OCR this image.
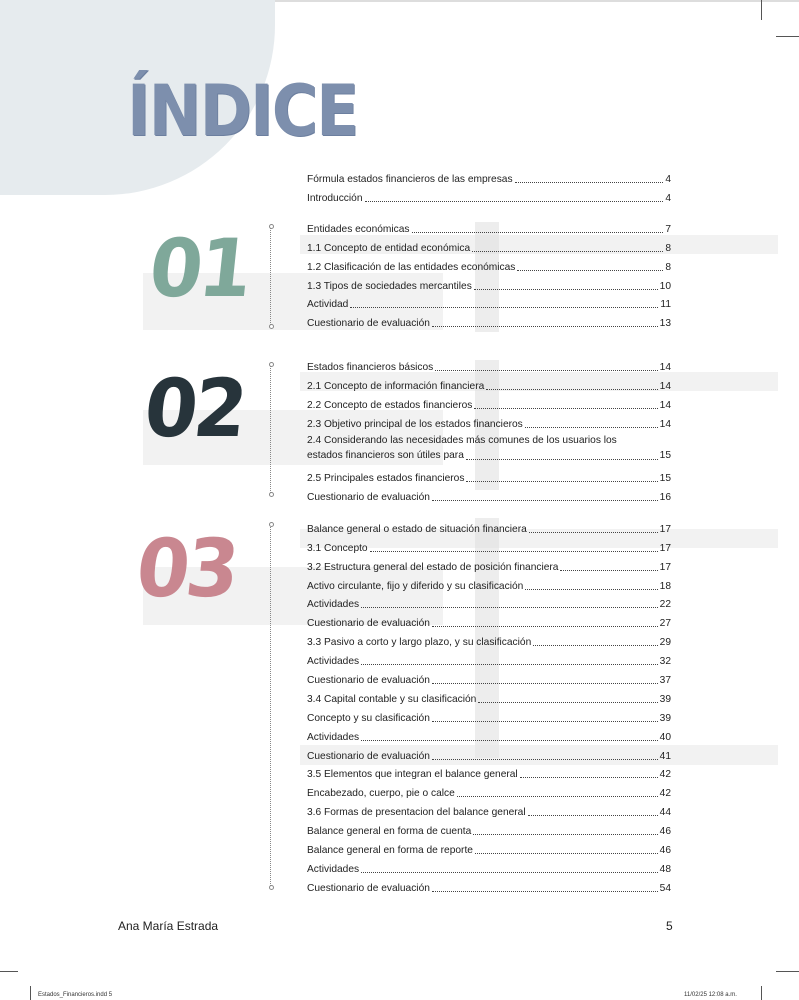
ÍNDICE
01
02
03
Fórmula estados financieros de las empresas	4
Introducción	4
Entidades económicas	7
1.1 Concepto de entidad económica	8
1.2 Clasificación de las entidades económicas	8
1.3 Tipos de sociedades mercantiles	10
Actividad	11
Cuestionario de evaluación	13
Estados financieros básicos	14
2.1 Concepto de información financiera	14
2.2 Concepto de estados financieros	14
2.3 Objetivo principal de los estados financieros	14
2.4 Considerando las necesidades más comunes de los usuarios los
estados financieros son útiles para	15
2.5 Principales estados financieros	15
Cuestionario de evaluación	16
Balance general o estado de situación financiera	17
3.1 Concepto	17
3.2 Estructura general del estado de posición financiera	17
Activo circulante, fijo y diferido y su clasificación	18
Actividades	22
Cuestionario de evaluación	27
3.3 Pasivo a corto y largo plazo, y su clasificación	29
Actividades	32
Cuestionario de evaluación	37
3.4 Capital contable y su clasificación	39
Concepto y su clasificación	39
Actividades	40
Cuestionario de evaluación	41
3.5 Elementos que integran el balance general	42
Encabezado, cuerpo, pie o calce	42
3.6 Formas de presentacion del balance general	44
Balance general en forma de cuenta	46
Balance general en forma de reporte	46
Actividades	48
Cuestionario de evaluación	54
Ana María Estrada	5
Estados_Financieros.indd 5	11/02/25 12:08 a.m.
